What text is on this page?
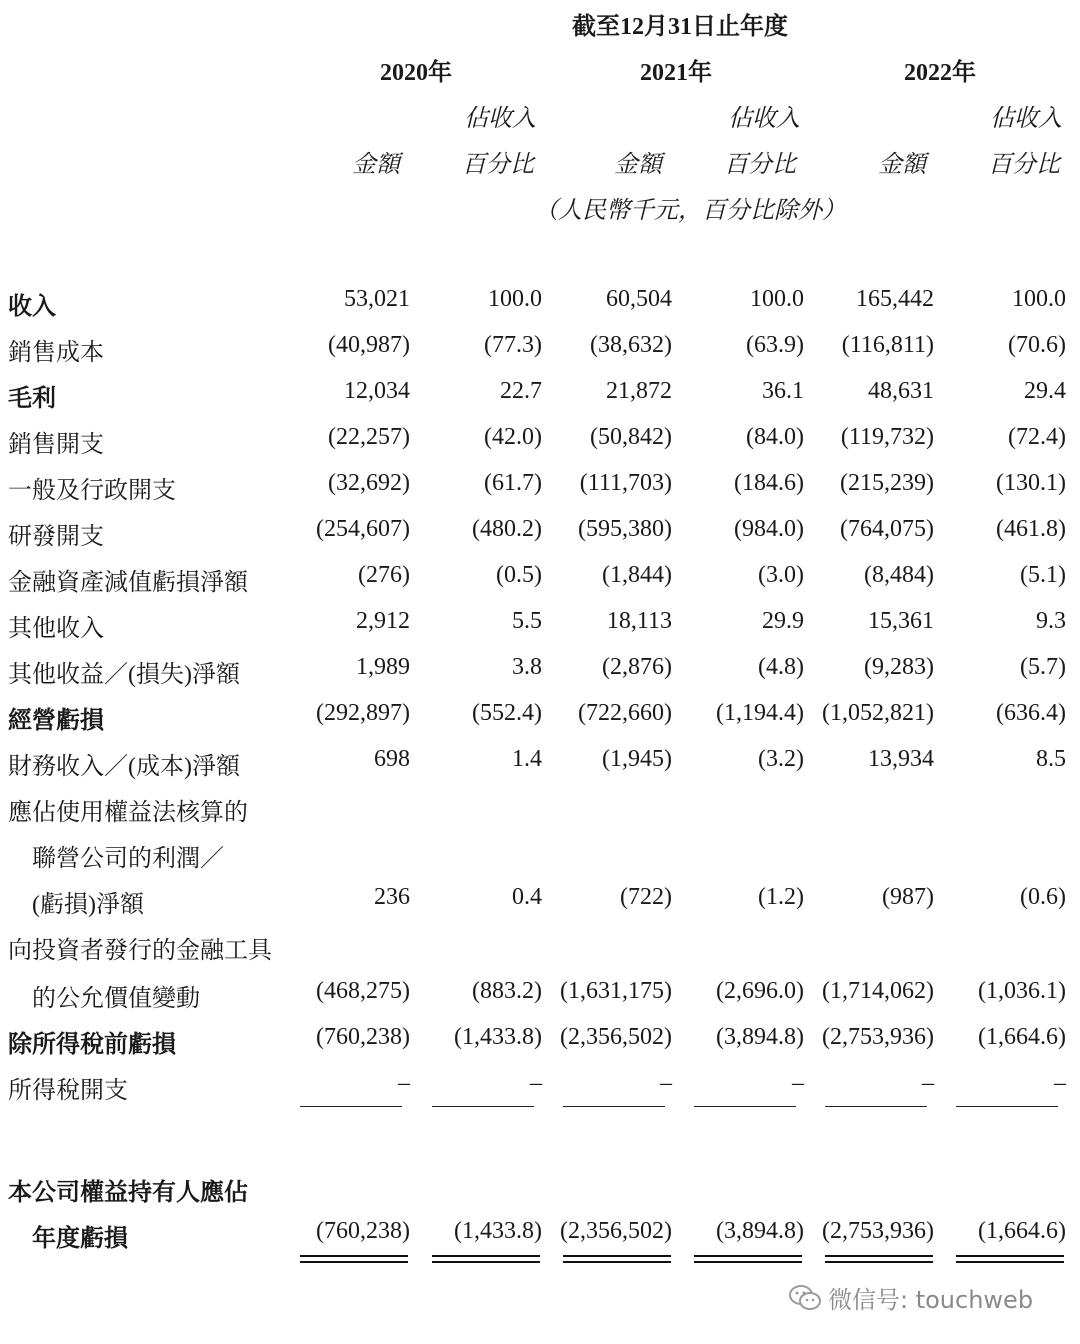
截至12月31日止年度
2020年	2021年	2022年
佔收入	佔收入	佔收入
金額	百分比	金額	百分比	金額	百分比
（人民幣千元，百分比除外）
收入	53,021	100.0	60,504	100.0 165,442	100.0
銷售成本	(40,987)	(77.3) (38,632)	(63.9) (116,811)	(70.6)
毛利	12,034	22.7	21,872	36.1	48,631	29.4
銷售開支	(22,257)	(42.0) (50,842)	(84.0) (119,732)	(72.4)
一般及行政開支	(32,692)	(61.7) (111,703)	(184.6) (215,239)	(130.1)
研發開支	(254,607)	(480.2) (595,380)	(984.0) (764,075)	(461.8)
金融資產減值虧損淨額	(276)	(0.5)	(1,844)	(3.0)	(8,484)	(5.1)
其他收入	2,912	5.5	18,113	29.9	15,361	9.3
其他收益／(損失)淨額	1,989	3.8	(2,876)	(4.8)	(9,283)	(5.7)
經營虧損	(292,897)	(552.4) (722,660) (1,194.4) (1,052,821)	(636.4)
財務收入／(成本)淨額	698	1.4	(1,945)	(3.2)	13,934	8.5
應佔使用權益法核算的
聯營公司的利潤／
(虧損)淨額	236	0.4	(722)	(1.2)	(987)	(0.6)
向投資者發行的金融工具
的公允價值變動	(468,275)	(883.2) (1,631,175) (2,696.0) (1,714,062) (1,036.1)
除所得稅前虧損	(760,238) (1,433.8) (2,356,502) (3,894.8) (2,753,936) (1,664.6)
所得稅開支	–	–	–	–	–	–
本公司權益持有人應佔
年度虧損	(760,238) (1,433.8) (2,356,502) (3,894.8) (2,753,936) (1,664.6)
微信号: touchweb
